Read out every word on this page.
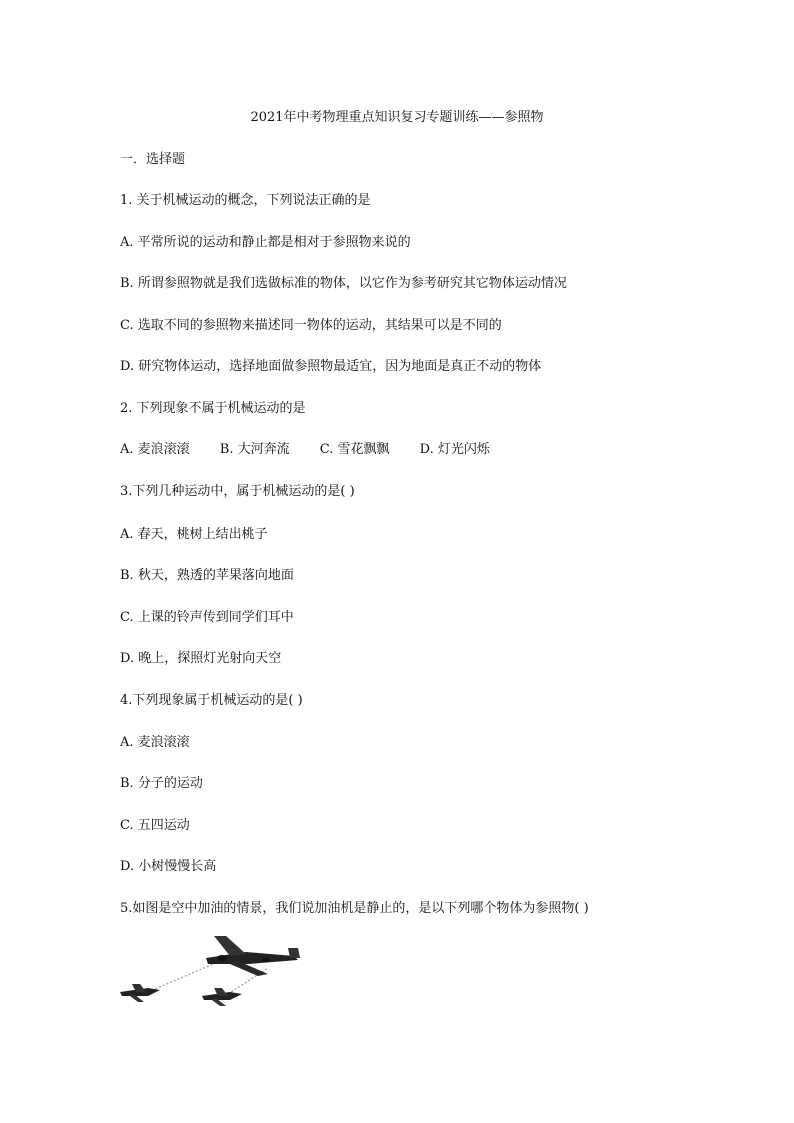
2021年中考物理重点知识复习专题训练——参照物
一．选择题
1. 关于机械运动的概念，下列说法正确的是
A. 平常所说的运动和静止都是相对于参照物来说的
B. 所谓参照物就是我们选做标准的物体，以它作为参考研究其它物体运动情况
C. 选取不同的参照物来描述同一物体的运动，其结果可以是不同的
D. 研究物体运动，选择地面做参照物最适宜，因为地面是真正不动的物体
2. 下列现象不属于机械运动的是
A. 麦浪滚滚 B. 大河奔流 C. 雪花飘飘 D. 灯光闪烁
3.下列几种运动中，属于机械运动的是( )
A. 春天，桃树上结出桃子
B. 秋天，熟透的苹果落向地面
C. 上课的铃声传到同学们耳中
D. 晚上，探照灯光射向天空
4.下列现象属于机械运动的是( )
A. 麦浪滚滚
B. 分子的运动
C. 五四运动
D. 小树慢慢长高
5.如图是空中加油的情景，我们说加油机是静止的，是以下列哪个物体为参照物( )
